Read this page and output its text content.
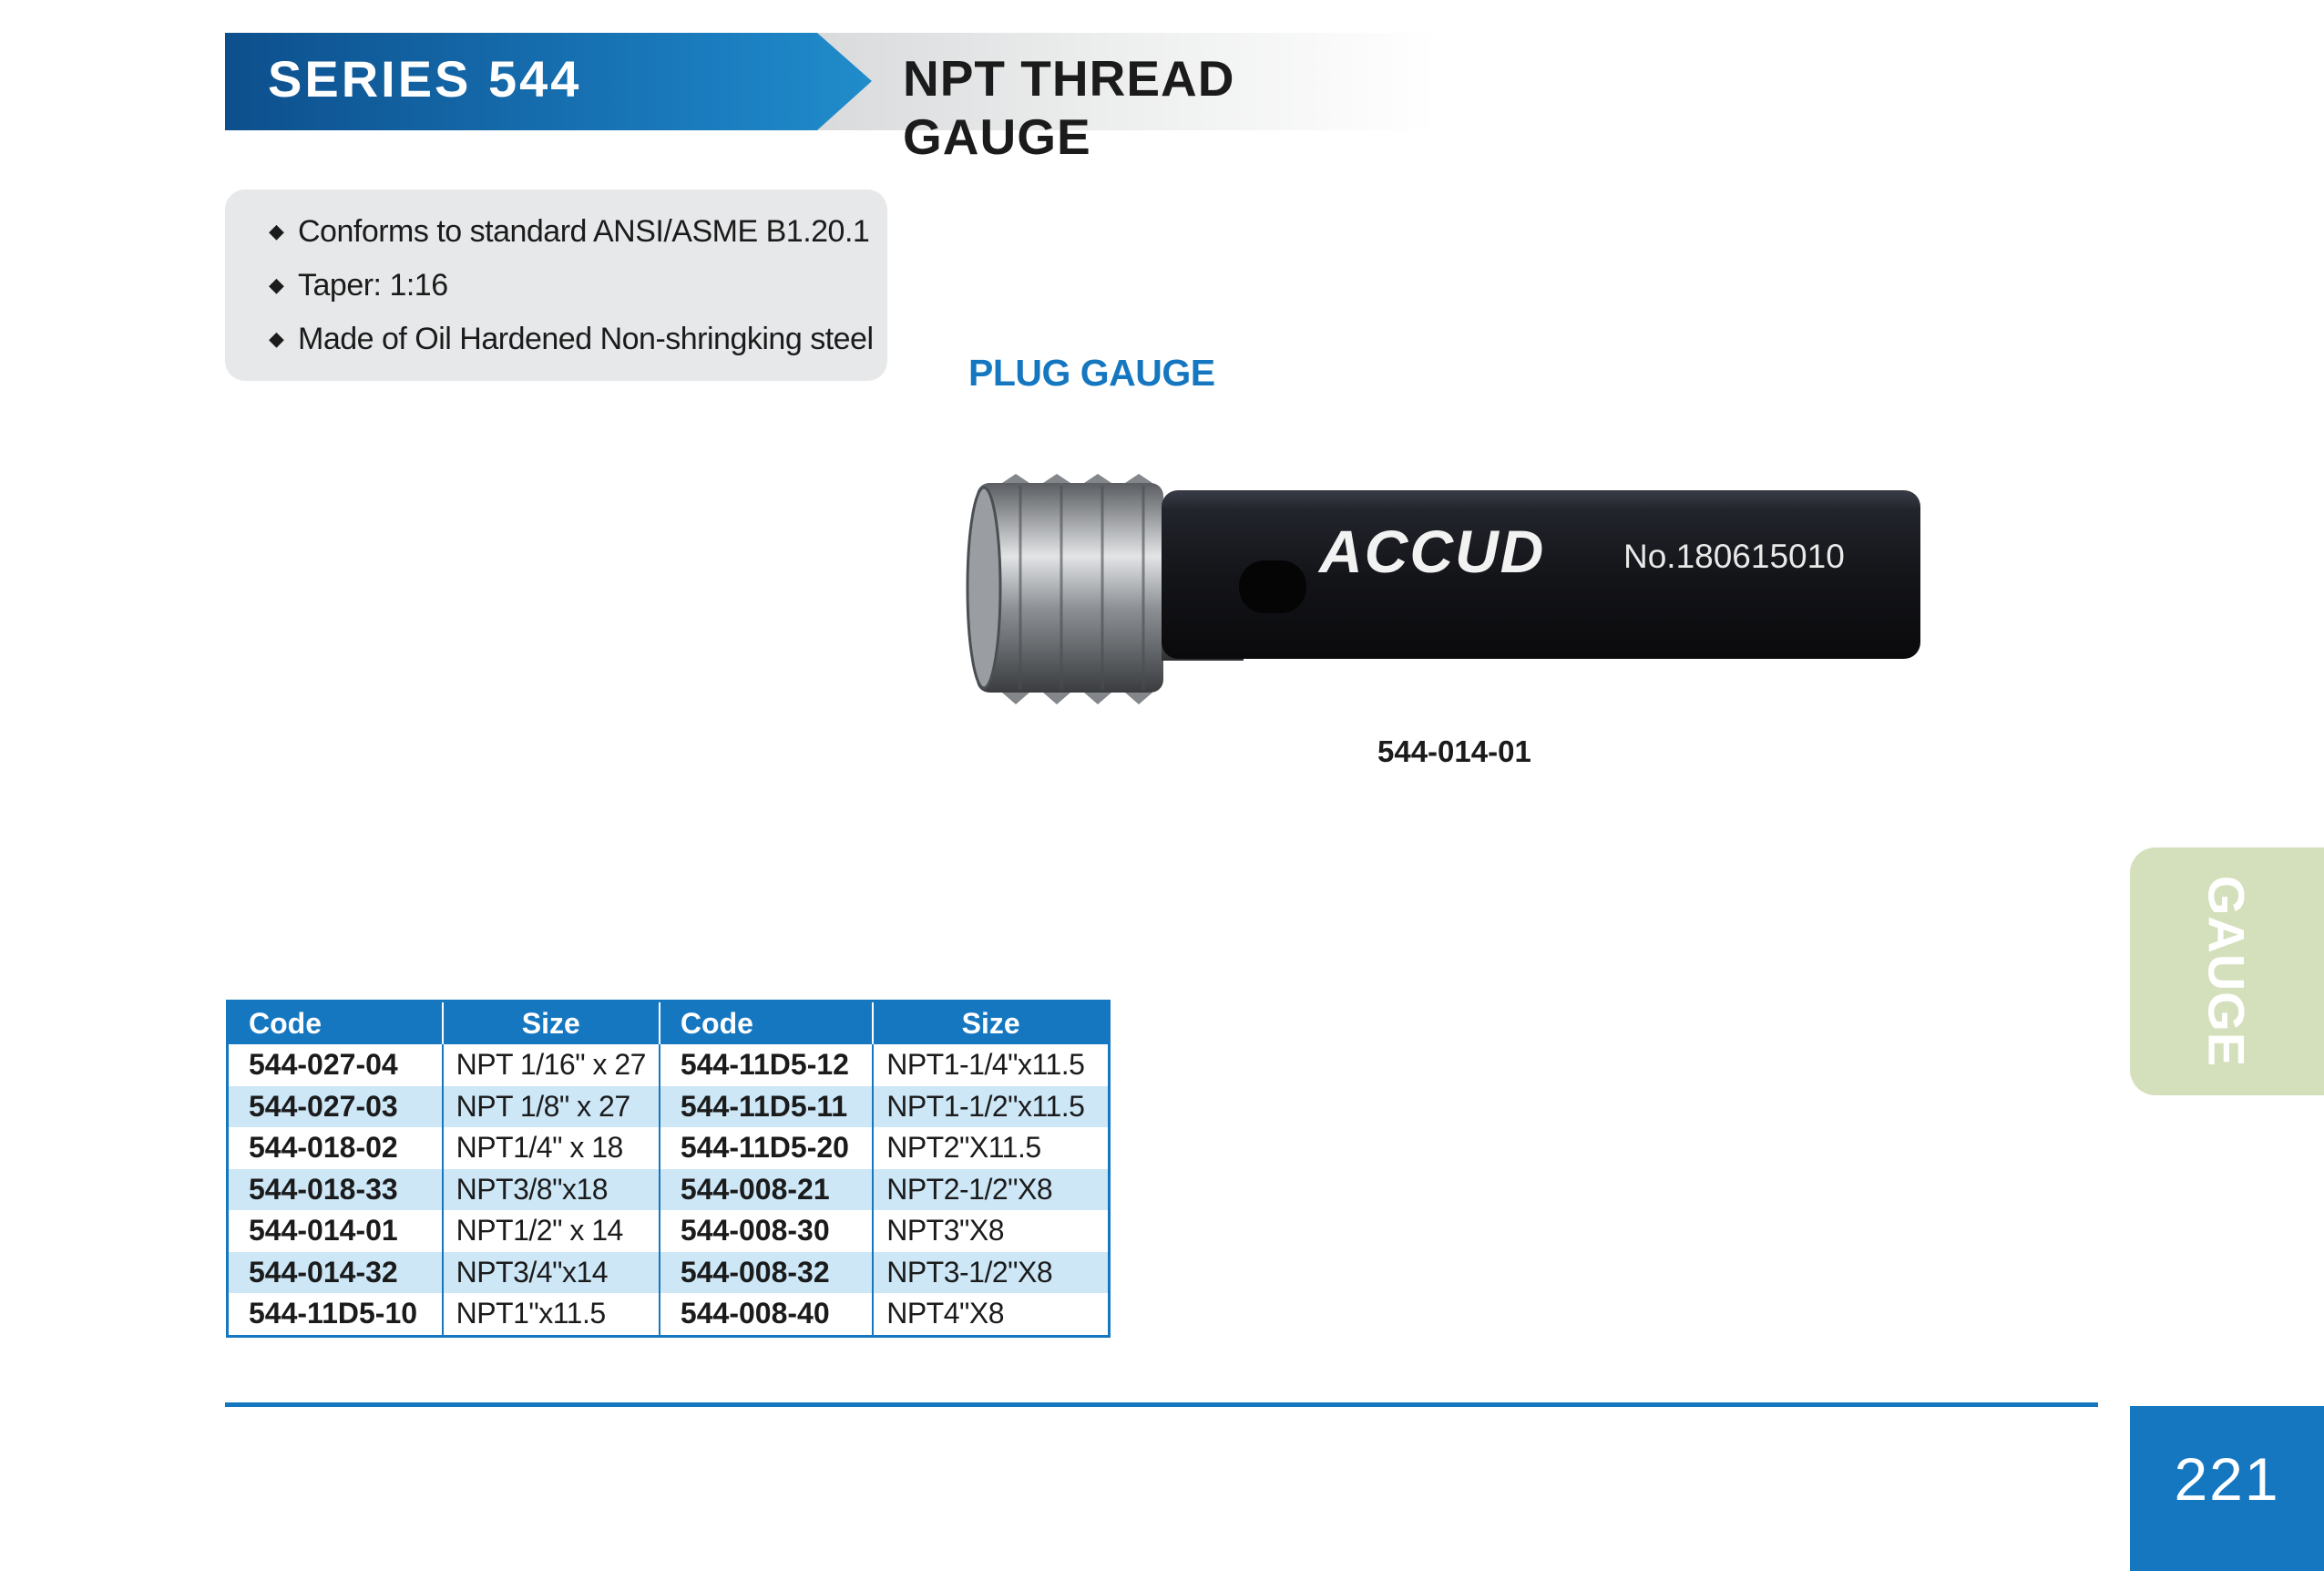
SERIES 544	NPT THREAD GAUGE
◆ Conforms to standard ANSI/ASME B1.20.1
◆ Taper: 1:16
◆ Made of Oil Hardened Non-shringking steel
PLUG GAUGE
ACCUD No.180615010
544-014-01
GAUGE
Code	Size	Code	Size
544-027-04	NPT 1/16" x 27	544-11D5-12	NPT1-1/4"x11.5
544-027-03	NPT 1/8" x 27	544-11D5-11	NPT1-1/2"x11.5
544-018-02	NPT1/4" x 18	544-11D5-20	NPT2"X11.5
544-018-33	NPT3/8"x18	544-008-21	NPT2-1/2"X8
544-014-01	NPT1/2" x 14	544-008-30	NPT3"X8
544-014-32	NPT3/4"x14	544-008-32	NPT3-1/2"X8
544-11D5-10	NPT1"x11.5	544-008-40	NPT4"X8
221
